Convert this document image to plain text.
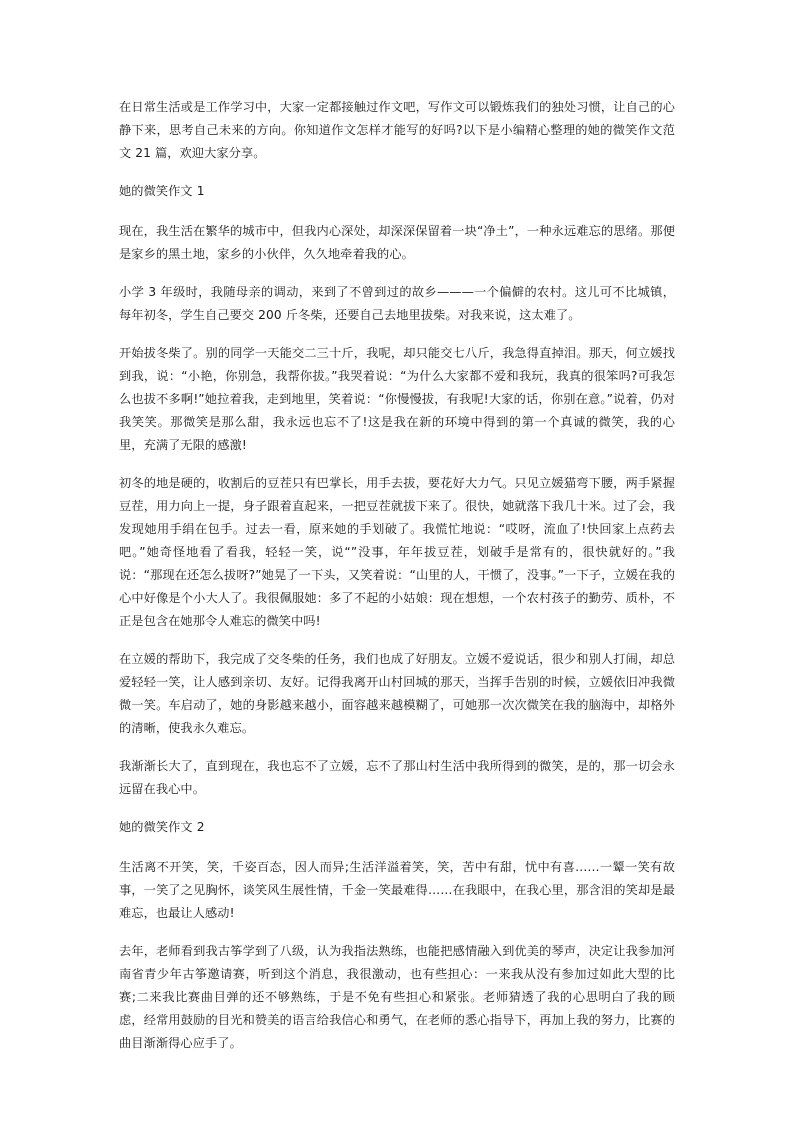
在日常生活或是工作学习中，大家一定都接触过作文吧，写作文可以锻炼我们的独处习惯，让自己的心静下来，思考自己未来的方向。你知道作文怎样才能写的好吗?以下是小编精心整理的她的微笑作文范文 21 篇，欢迎大家分享。

她的微笑作文 1

现在，我生活在繁华的城市中，但我内心深处，却深深保留着一块“净土”，一种永远难忘的思绪。那便是家乡的黑土地，家乡的小伙伴，久久地牵着我的心。

小学 3 年级时，我随母亲的调动，来到了不曾到过的故乡———一个偏僻的农村。这儿可不比城镇，每年初冬，学生自己要交 200 斤冬柴，还要自己去地里拔柴。对我来说，这太难了。

开始拔冬柴了。别的同学一天能交二三十斤，我呢，却只能交七八斤，我急得直掉泪。那天，何立媛找到我，说：“小艳，你别急，我帮你拔。”我哭着说：“为什么大家都不爱和我玩，我真的很笨吗?可我怎么也拔不多啊!”她拉着我，走到地里，笑着说：“你慢慢拔，有我呢!大家的话，你别在意。”说着，仍对我笑笑。那微笑是那么甜，我永远也忘不了!这是我在新的环境中得到的第一个真诚的微笑，我的心里，充满了无限的感激!

初冬的地是硬的，收割后的豆茬只有巴掌长，用手去拔，要花好大力气。只见立媛猫弯下腰，两手紧握豆茬，用力向上一提，身子跟着直起来，一把豆茬就拔下来了。很快，她就落下我几十米。过了会，我发现她用手绢在包手。过去一看，原来她的手划破了。我慌忙地说：“哎呀，流血了!快回家上点药去吧。”她奇怪地看了看我，轻轻一笑，说“”没事，年年拔豆茬，划破手是常有的，很快就好的。”我说：“那现在还怎么拔呀?”她晃了一下头，又笑着说：“山里的人，干惯了，没事。”一下子，立媛在我的心中好像是个小大人了。我很佩服她：多了不起的小姑娘：现在想想，一个农村孩子的勤劳、质朴，不正是包含在她那令人难忘的微笑中吗!

在立媛的帮助下，我完成了交冬柴的任务，我们也成了好朋友。立媛不爱说话，很少和别人打闹，却总爱轻轻一笑，让人感到亲切、友好。记得我离开山村回城的那天，当挥手告别的时候，立媛依旧冲我微微一笑。车启动了，她的身影越来越小，面容越来越模糊了，可她那一次次微笑在我的脑海中，却格外的清晰，使我永久难忘。

我渐渐长大了，直到现在，我也忘不了立媛，忘不了那山村生活中我所得到的微笑，是的，那一切会永远留在我心中。

她的微笑作文 2

生活离不开笑，笑，千姿百态，因人而异;生活洋溢着笑，笑，苦中有甜，忧中有喜……一颦一笑有故事，一笑了之见胸怀，谈笑风生展性情，千金一笑最难得……在我眼中，在我心里，那含泪的笑却是最难忘，也最让人感动!

去年，老师看到我古筝学到了八级，认为我指法熟练，也能把感情融入到优美的琴声，决定让我参加河南省青少年古筝邀请赛，听到这个消息，我很激动，也有些担心：一来我从没有参加过如此大型的比赛;二来我比赛曲目弹的还不够熟练，于是不免有些担心和紧张。老师猜透了我的心思明白了我的顾虑，经常用鼓励的目光和赞美的语言给我信心和勇气，在老师的悉心指导下，再加上我的努力，比赛的曲目渐渐得心应手了。
